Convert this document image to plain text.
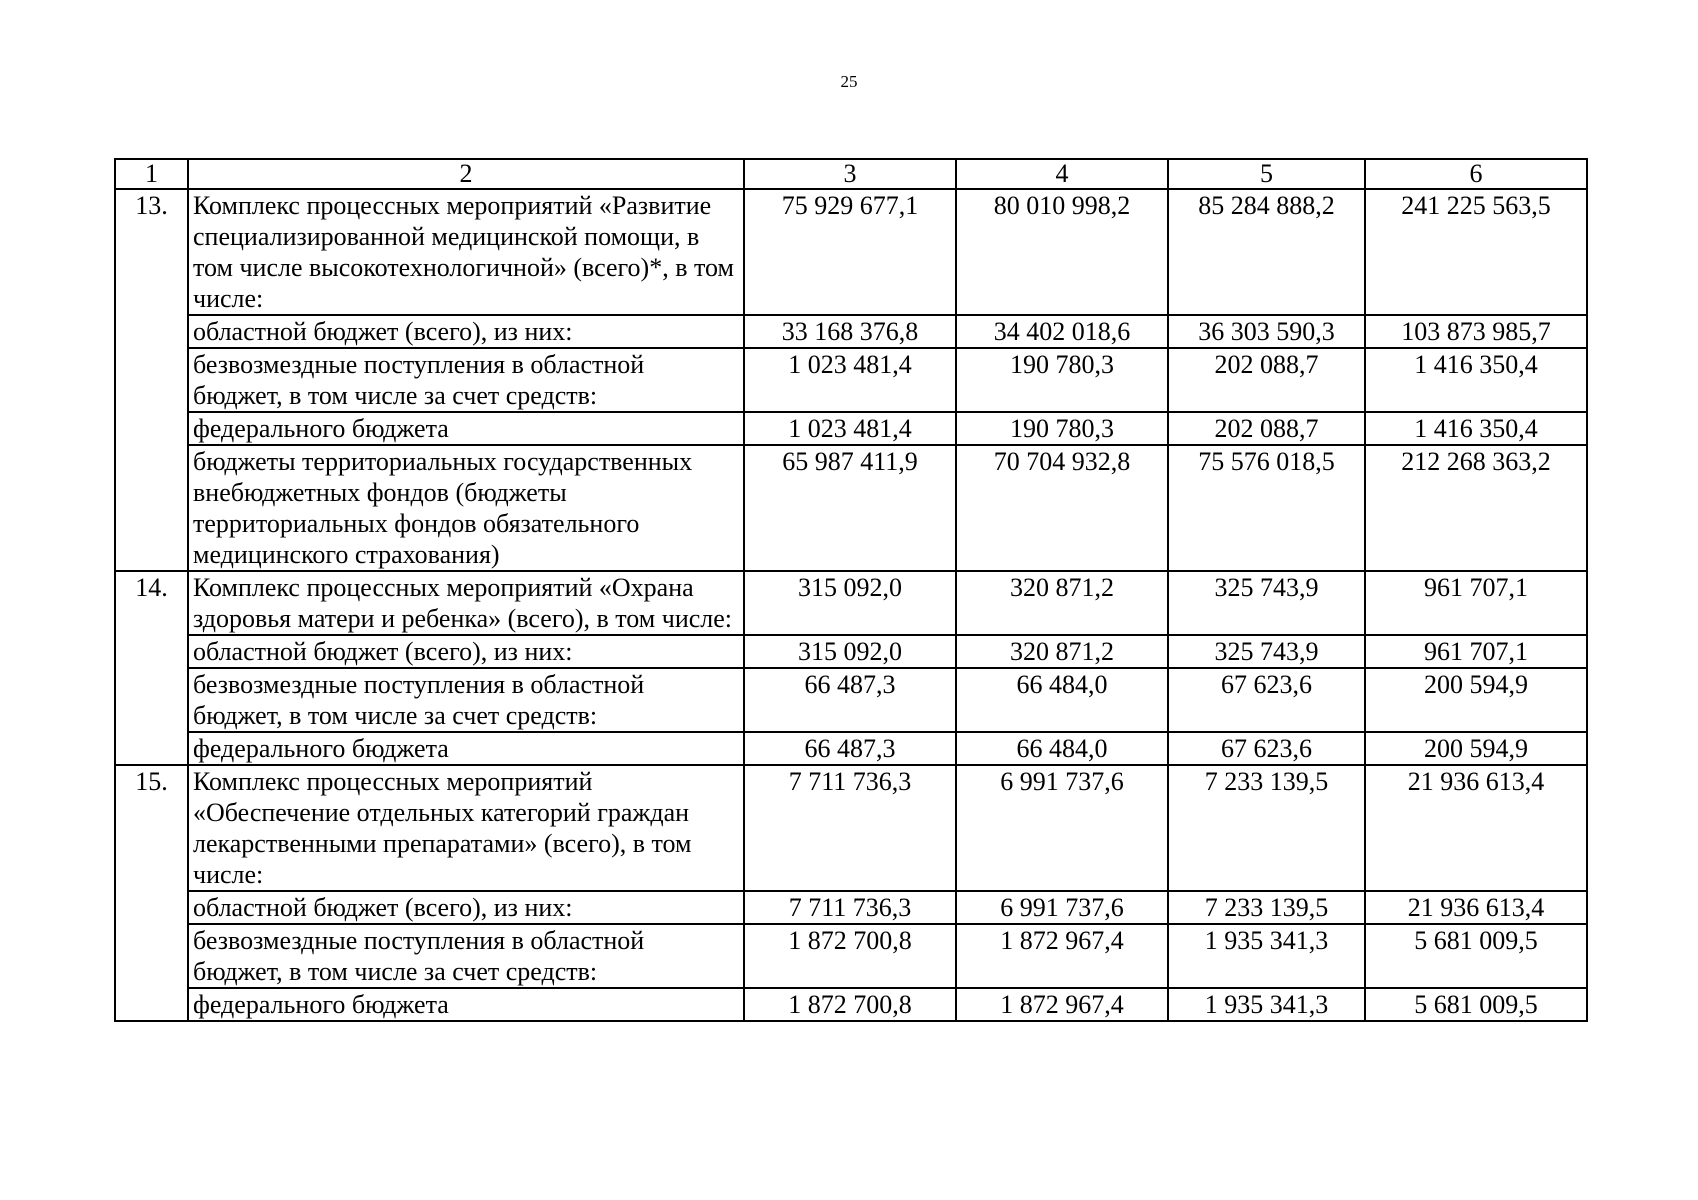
25
1	2	3	4	5	6
13.	Комплекс процессных мероприятий «Развитие специализированной медицинской помощи, в том числе высокотехнологичной» (всего)*, в том числе:	75 929 677,1	80 010 998,2	85 284 888,2	241 225 563,5
	областной бюджет (всего), из них:	33 168 376,8	34 402 018,6	36 303 590,3	103 873 985,7
	безвозмездные поступления в областной бюджет, в том числе за счет средств:	1 023 481,4	190 780,3	202 088,7	1 416 350,4
	федерального бюджета	1 023 481,4	190 780,3	202 088,7	1 416 350,4
	бюджеты территориальных государственных внебюджетных фондов (бюджеты территориальных фондов обязательного медицинского страхования)	65 987 411,9	70 704 932,8	75 576 018,5	212 268 363,2
14.	Комплекс процессных мероприятий «Охрана здоровья матери и ребенка» (всего), в том числе:	315 092,0	320 871,2	325 743,9	961 707,1
	областной бюджет (всего), из них:	315 092,0	320 871,2	325 743,9	961 707,1
	безвозмездные поступления в областной бюджет, в том числе за счет средств:	66 487,3	66 484,0	67 623,6	200 594,9
	федерального бюджета	66 487,3	66 484,0	67 623,6	200 594,9
15.	Комплекс процессных мероприятий «Обеспечение отдельных категорий граждан лекарственными препаратами» (всего), в том числе:	7 711 736,3	6 991 737,6	7 233 139,5	21 936 613,4
	областной бюджет (всего), из них:	7 711 736,3	6 991 737,6	7 233 139,5	21 936 613,4
	безвозмездные поступления в областной бюджет, в том числе за счет средств:	1 872 700,8	1 872 967,4	1 935 341,3	5 681 009,5
	федерального бюджета	1 872 700,8	1 872 967,4	1 935 341,3	5 681 009,5
